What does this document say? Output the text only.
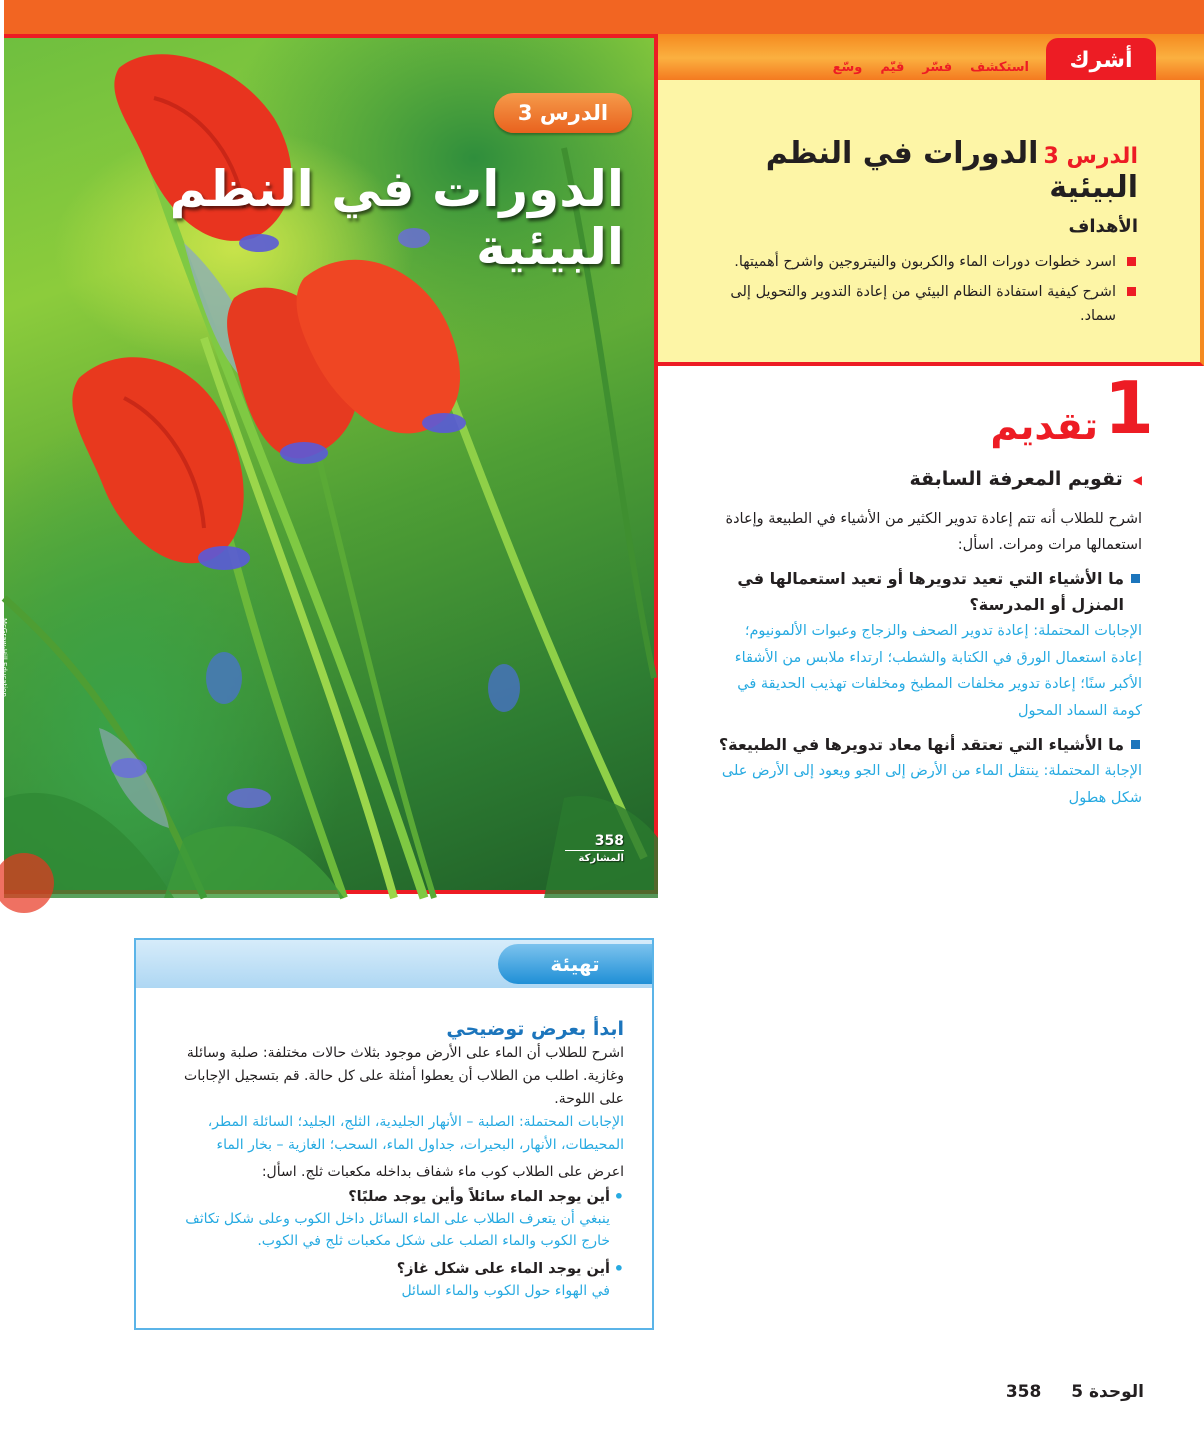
أشرك
استكشف
فسّر
قيّم
وسّع
الدرس 3
الدورات في النظم البيئية
McGraw-Hill Education
358
المشاركة
الدرس 3 الدورات في النظم البيئية
الأهداف
اسرد خطوات دورات الماء والكربون والنيتروجين واشرح أهميتها.
اشرح كيفية استفادة النظام البيئي من إعادة التدوير والتحويل إلى سماد.
1
تقديم
◀ تقويم المعرفة السابقة
اشرح للطلاب أنه تتم إعادة تدوير الكثير من الأشياء في الطبيعة وإعادة استعمالها مرات ومرات. اسأل:
ما الأشياء التي تعيد تدويرها أو تعيد استعمالها في المنزل أو المدرسة؟
الإجابات المحتملة: إعادة تدوير الصحف والزجاج وعبوات الألمونيوم؛ إعادة استعمال الورق في الكتابة والشطب؛ ارتداء ملابس من الأشقاء الأكبر سنًا؛ إعادة تدوير مخلفات المطبخ ومخلفات تهذيب الحديقة في كومة السماد المحول
ما الأشياء التي تعتقد أنها معاد تدويرها في الطبيعة؟
الإجابة المحتملة: ينتقل الماء من الأرض إلى الجو ويعود إلى الأرض على شكل هطول
تهيئة
ابدأ بعرض توضيحي

اشرح للطلاب أن الماء على الأرض موجود بثلاث حالات مختلفة: صلبة وسائلة وغازية. اطلب من الطلاب أن يعطوا أمثلة على كل حالة. قم بتسجيل الإجابات على اللوحة.

الإجابات المحتملة: الصلبة – الأنهار الجليدية، الثلج، الجليد؛ السائلة المطر، المحيطات، الأنهار، البحيرات، جداول الماء، السحب؛ الغازية – بخار الماء

اعرض على الطلاب كوب ماء شفاف بداخله مكعبات ثلج. اسأل:

• أين يوجد الماء سائلاً وأين يوجد صلبًا؟
ينبغي أن يتعرف الطلاب على الماء السائل داخل الكوب وعلى شكل تكاثف خارج الكوب والماء الصلب على شكل مكعبات ثلج في الكوب.
• أين يوجد الماء على شكل غاز؟
في الهواء حول الكوب والماء السائل
الوحدة 5 358
